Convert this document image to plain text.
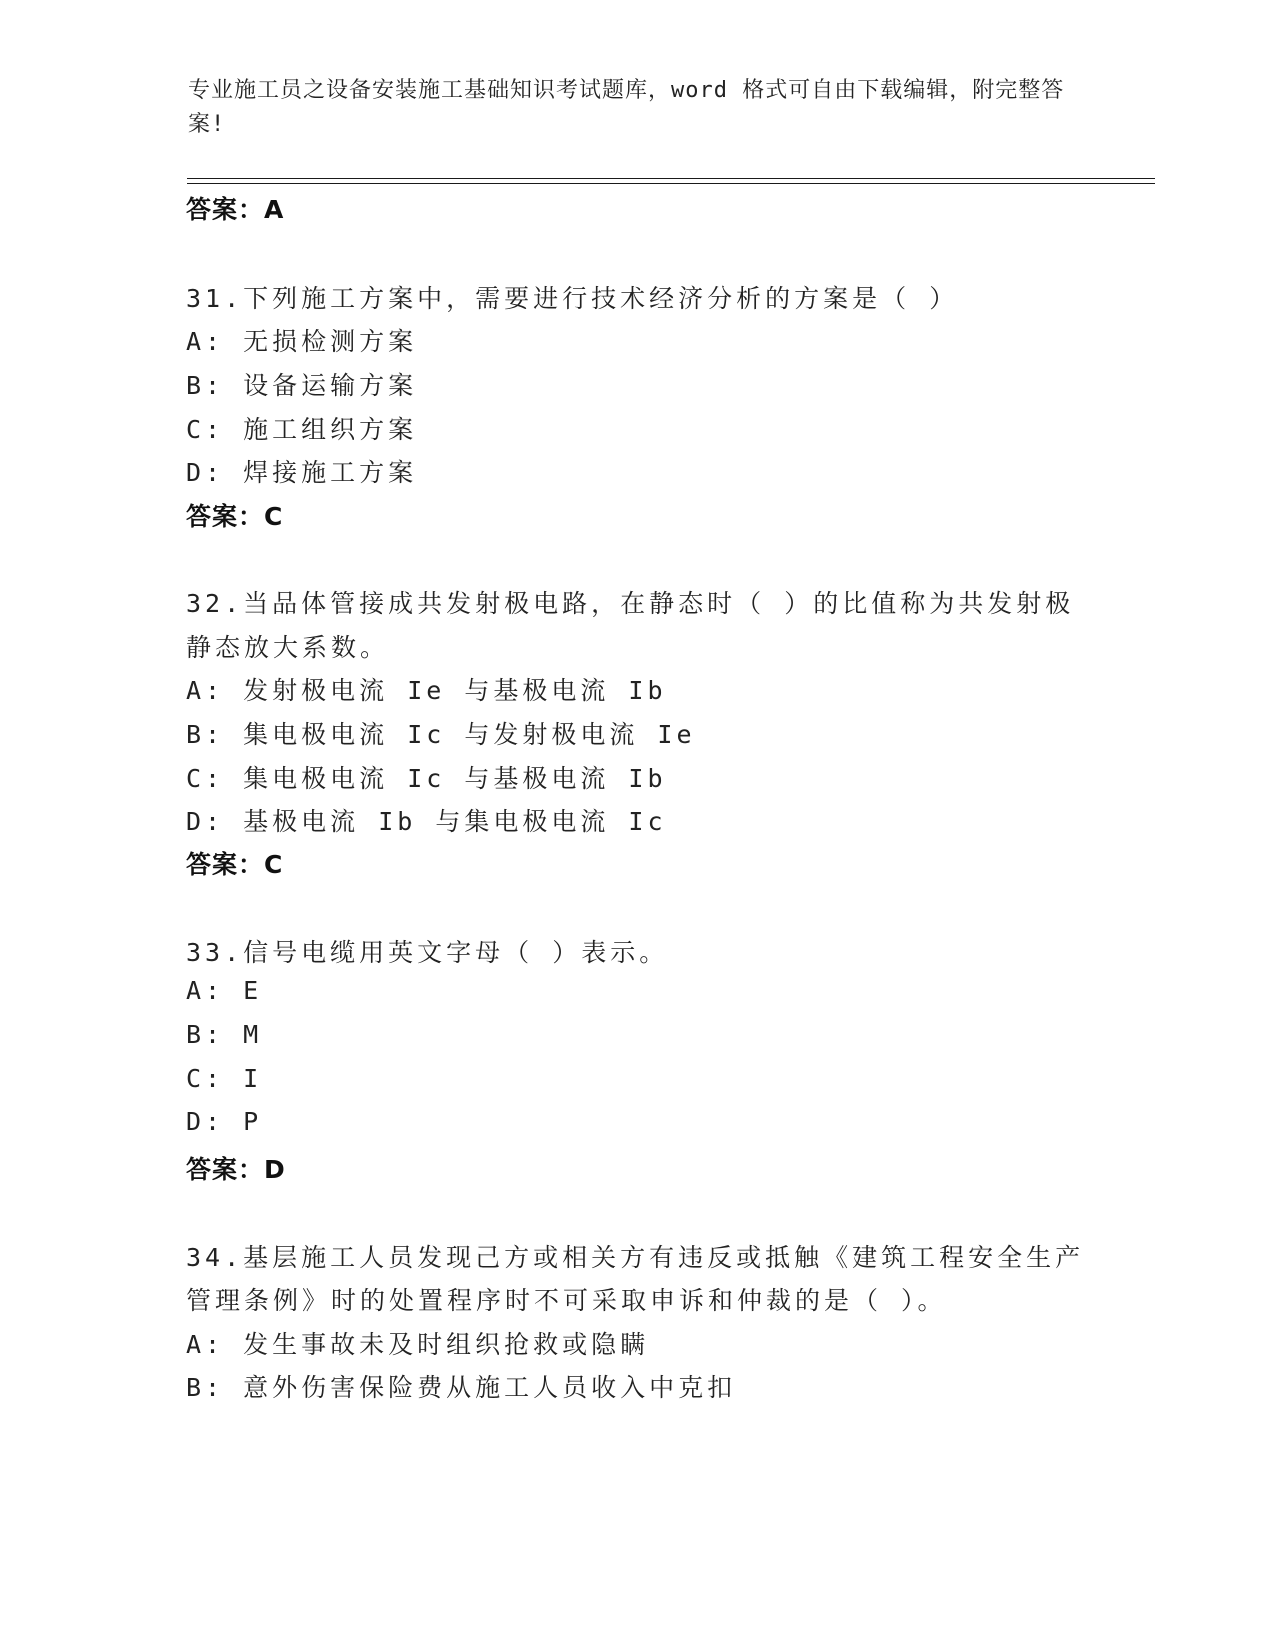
专业施工员之设备安装施工基础知识考试题库，word 格式可自由下载编辑，附完整答案!
答案：A
31.下列施工方案中，需要进行技术经济分析的方案是（ ）
A: 无损检测方案
B: 设备运输方案
C: 施工组织方案
D: 焊接施工方案
答案：C
32.当品体管接成共发射极电路，在静态时（ ）的比值称为共发射极
静态放大系数。
A: 发射极电流 Ie 与基极电流 Ib
B: 集电极电流 Ic 与发射极电流 Ie
C: 集电极电流 Ic 与基极电流 Ib
D: 基极电流 Ib 与集电极电流 Ic
答案：C
33.信号电缆用英文字母（ ）表示。
A: E
B: M
C: I
D: P
答案：D
34.基层施工人员发现己方或相关方有违反或抵触《建筑工程安全生产
管理条例》时的处置程序时不可采取申诉和仲裁的是（ ）。
A: 发生事故未及时组织抢救或隐瞒
B: 意外伤害保险费从施工人员收入中克扣
